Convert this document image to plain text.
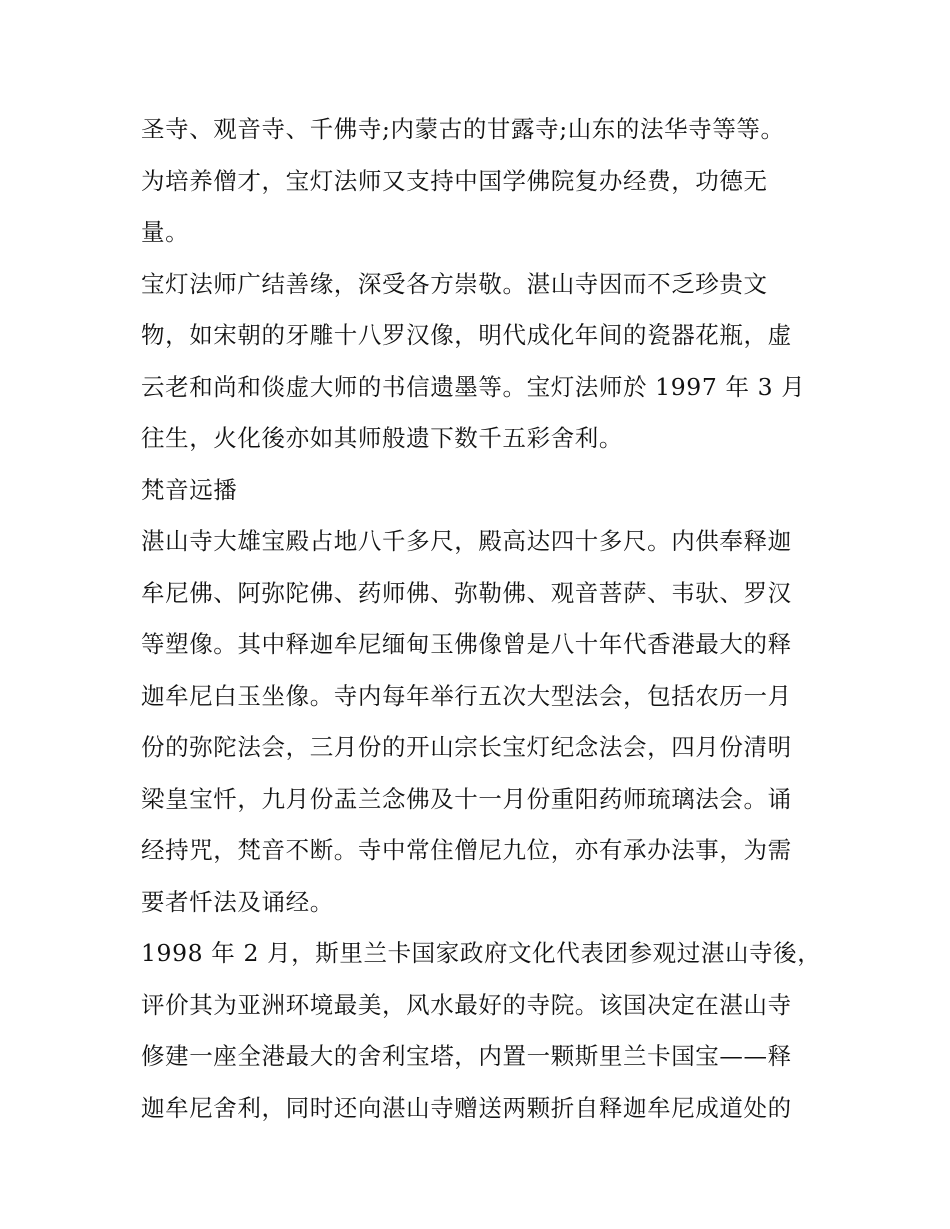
圣寺、观音寺、千佛寺;内蒙古的甘露寺;山东的法华寺等等。
为培养僧才，宝灯法师又支持中国学佛院复办经费，功德无
量。
宝灯法师广结善缘，深受各方崇敬。湛山寺因而不乏珍贵文
物，如宋朝的牙雕十八罗汉像，明代成化年间的瓷器花瓶，虚
云老和尚和倓虚大师的书信遗墨等。宝灯法师於 1997 年 3 月
往生，火化後亦如其师般遗下数千五彩舍利。
梵音远播
湛山寺大雄宝殿占地八千多尺，殿高达四十多尺。内供奉释迦
牟尼佛、阿弥陀佛、药师佛、弥勒佛、观音菩萨、韦驮、罗汉
等塑像。其中释迦牟尼缅甸玉佛像曾是八十年代香港最大的释
迦牟尼白玉坐像。寺内每年举行五次大型法会，包括农历一月
份的弥陀法会，三月份的开山宗长宝灯纪念法会，四月份清明
梁皇宝忏，九月份盂兰念佛及十一月份重阳药师琉璃法会。诵
经持咒，梵音不断。寺中常住僧尼九位，亦有承办法事，为需
要者忏法及诵经。
1998 年 2 月，斯里兰卡国家政府文化代表团参观过湛山寺後，
评价其为亚洲环境最美，风水最好的寺院。该国决定在湛山寺
修建一座全港最大的舍利宝塔，内置一颗斯里兰卡国宝——释
迦牟尼舍利，同时还向湛山寺赠送两颗折自释迦牟尼成道处的
